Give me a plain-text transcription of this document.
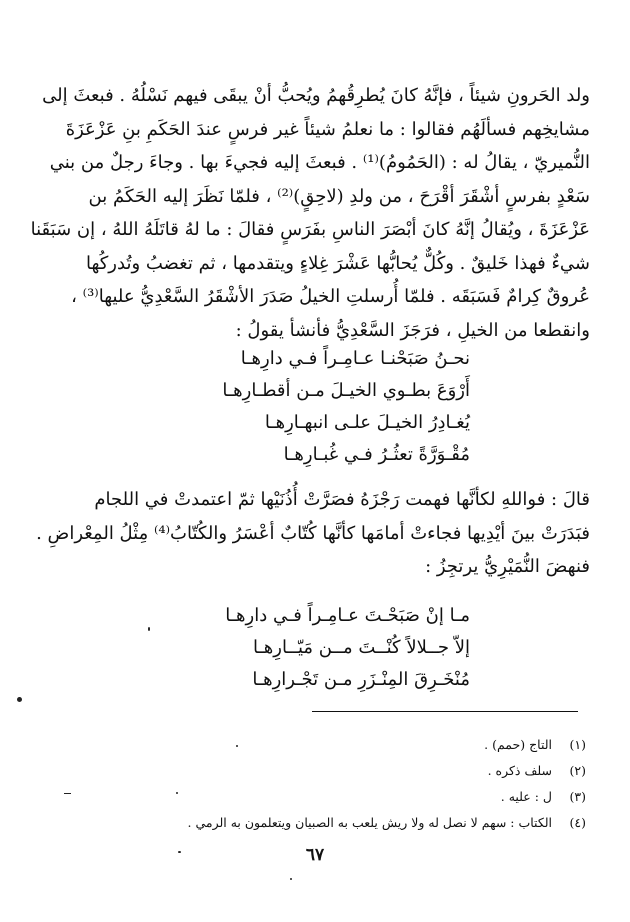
ولد الحَرونِ شيئاً ، فإنَّهُ كانَ يُطرِقُهمُ ويُحبُّ أنْ يبقَى فيهم نَسْلُهُ . فبعثَ إلى
مشايخِهم فسألَهُم فقالوا : ما نعلمُ شيئاً غير فرسٍ عندَ الحَكَمِ بنِ عَزْعَزَةَ
النُّميريّ ، يقالُ له : (الحَمُومُ)⁽¹⁾ . فبعثَ إليه فجيءَ بها . وجاءَ رجلٌ من بني
سَعْدٍ بفرسٍ أشْقَرَ أقْرَحَ ، من ولدِ (لاحِقٍ)⁽²⁾ ، فلمّا نَظَرَ إليه الحَكَمُ بن
عَزْعَزَةَ ، ويُقالُ إنَّهُ كانَ أبْصَرَ الناسِ بفَرَسٍ فقالَ : ما لهُ قاتَلَهُ اللهُ ، إن سَبَقَنا
شيءٌ فهذا خَليقٌ . وكُلٌّ يُحابُّها عَشْرَ غِلاءٍ ويتقدمها ، ثم تغضبُ وتُدركُها
عُروقٌ كِرامٌ فَسَبَقَه . فلمّا أُرسلتِ الخيلُ صَدَرَ الأشْقَرُ السَّعْدِيُّ عليها⁽³⁾ ،
وانقطعا من الخيلِ ، فرَجَزَ السَّعْدِيُّ فأنشأ يقولُ :
نحـنُ صَبَحْنـا عـامِـراً فـي دارِهـا
أَرْوَعَ بطـوي الخيـلَ مـن أقطـارِهـا
يُغـادِرُ الخيـلَ علـى انبهـارِهـا
مُقْـوَرَّةً تعثُـرُ فـي غُبـارِهـا
قالَ : فواللهِ لكأنَّها فهمت رَجْزَهُ فصَرَّتْ أُذُنَيْها ثمّ اعتمدتْ في اللجام
فبَدَرَتْ بينَ أيْدِيها فجاءتْ أمامَها كأنَّها كُتّابٌ أعْسَرُ والكُتّابُ⁽⁴⁾ مِثْلُ المِعْراضِ .
فنهضَ النُّمَيْرِيُّ يرتجِزُ :
مـا إنْ صَبَحْـتَ عـامِـراً فـي دارِهـا
إلاّ جــلالاً كُنْــتَ مــن مَيّــارِهـا
مُنْخَـرِقَ المِنْـزَرِ مـن تَجْـرارِهـا
(١) التاج (حمم) .
(٢) سلف ذكره .
(٣) ل : عليه .
(٤) الكتاب : سهم لا نصل له ولا ريش يلعب به الصبيان ويتعلمون به الرمي .
٦٧
